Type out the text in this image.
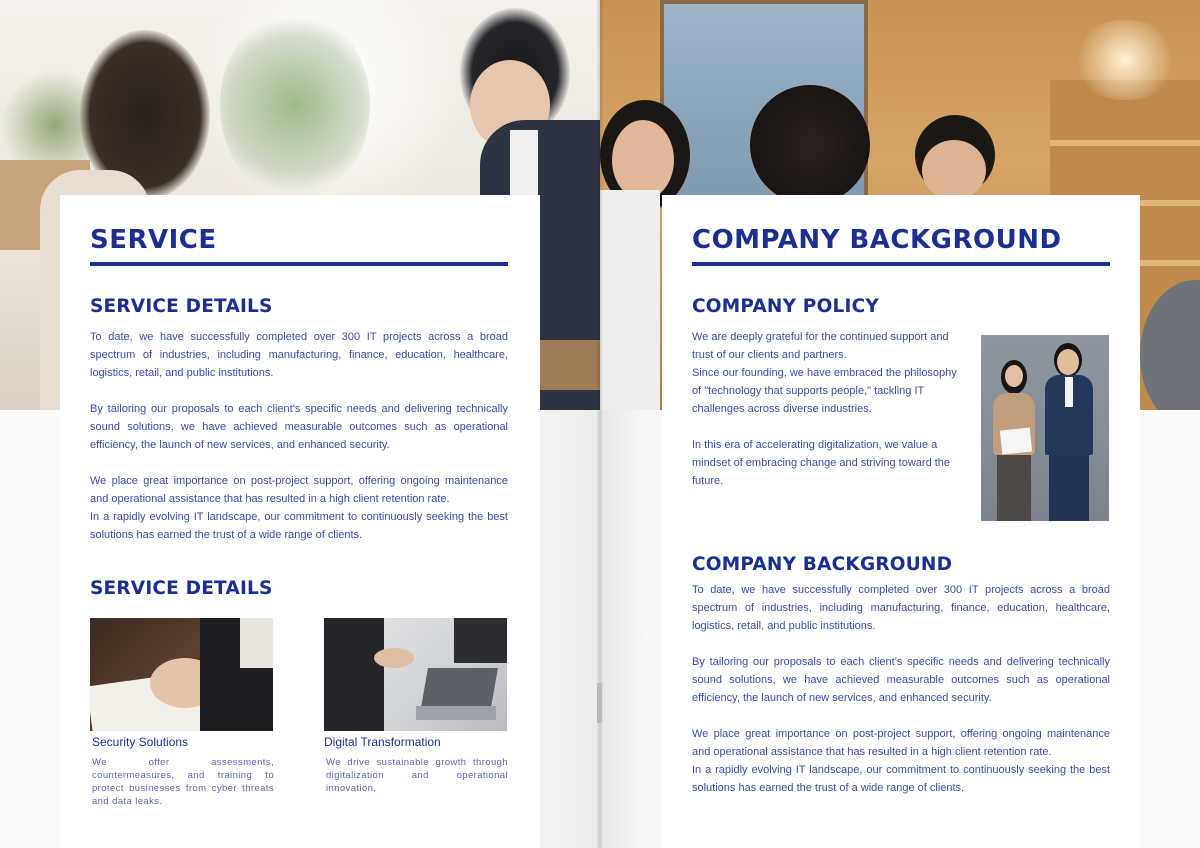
SERVICE
SERVICE DETAILS

To date, we have successfully completed over 300 IT projects across a broad spectrum of industries, including manufacturing, finance, education, healthcare, logistics, retail, and public institutions.

By tailoring our proposals to each client's specific needs and delivering technically sound solutions, we have achieved measurable outcomes such as operational efficiency, the launch of new services, and enhanced security.

We place great importance on post-project support, offering ongoing maintenance and operational assistance that has resulted in a high client retention rate.

In a rapidly evolving IT landscape, our commitment to continuously seeking the best solutions has earned the trust of a wide range of clients.

SERVICE DETAILS

Security Solutions

We offer assessments, countermeasures, and training to protect businesses from cyber threats and data leaks.

Digital Transformation

We drive sustainable growth through digitalization and operational innovation.

COMPANY BACKGROUND
COMPANY POLICY

We are deeply grateful for the continued support and trust of our clients and partners.

Since our founding, we have embraced the philosophy of "technology that supports people," tackling IT challenges across diverse industries.

In this era of accelerating digitalization, we value a mindset of embracing change and striving toward the future.

COMPANY BACKGROUND

To date, we have successfully completed over 300 IT projects across a broad spectrum of industries, including manufacturing, finance, education, healthcare, logistics, retail, and public institutions.

By tailoring our proposals to each client's specific needs and delivering technically sound solutions, we have achieved measurable outcomes such as operational efficiency, the launch of new services, and enhanced security.

We place great importance on post-project support, offering ongoing maintenance and operational assistance that has resulted in a high client retention rate.

In a rapidly evolving IT landscape, our commitment to continuously seeking the best solutions has earned the trust of a wide range of clients.
